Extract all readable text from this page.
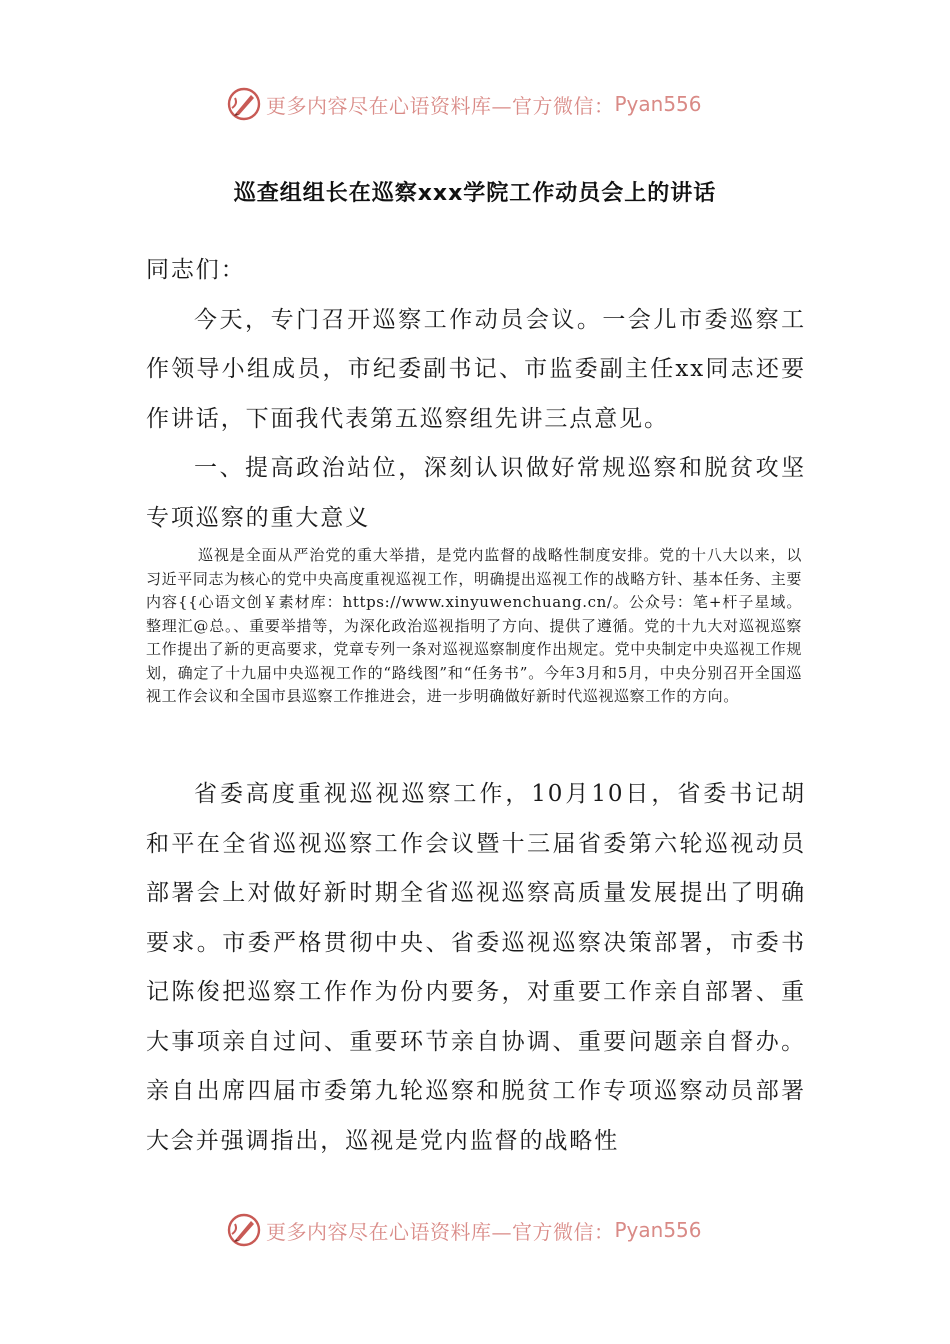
更多内容尽在心语资料库—官方微信： Pyan556
巡查组组长在巡察xxx学院工作动员会上的讲话

同志们：

今天，专门召开巡察工作动员会议。一会儿市委巡察工作领导小组成员，市纪委副书记、市监委副主任xx同志还要作讲话，下面我代表第五巡察组先讲三点意见。

一、提高政治站位，深刻认识做好常规巡察和脱贫攻坚专项巡察的重大意义

巡视是全面从严治党的重大举措，是党内监督的战略性制度安排。党的十八大以来，以习近平同志为核心的党中央高度重视巡视工作，明确提出巡视工作的战略方针、基本任务、主要内容{{心语文创￥素材库：https://www.xinyuwenchuang.cn/。公众号：笔+杆子星域。整理汇@总。、重要举措等，为深化政治巡视指明了方向、提供了遵循。党的十九大对巡视巡察工作提出了新的更高要求，党章专列一条对巡视巡察制度作出规定。党中央制定中央巡视工作规划，确定了十九届中央巡视工作的“路线图”和“任务书”。今年3月和5月，中央分别召开全国巡视工作会议和全国市县巡察工作推进会，进一步明确做好新时代巡视巡察工作的方向。

省委高度重视巡视巡察工作，10月10日，省委书记胡和平在全省巡视巡察工作会议暨十三届省委第六轮巡视动员部署会上对做好新时期全省巡视巡察高质量发展提出了明确要求。市委严格贯彻中央、省委巡视巡察决策部署，市委书记陈俊把巡察工作作为份内要务，对重要工作亲自部署、重大事项亲自过问、重要环节亲自协调、重要问题亲自督办。亲自出席四届市委第九轮巡察和脱贫工作专项巡察动员部署大会并强调指出，巡视是党内监督的战略性

更多内容尽在心语资料库—官方微信： Pyan556
